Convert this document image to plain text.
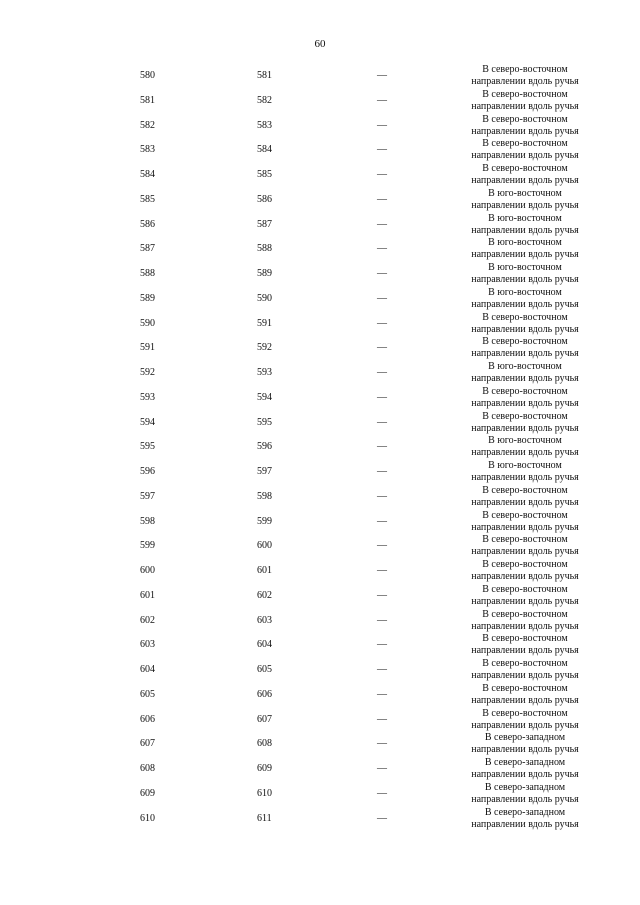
60
580	581	—
В северо-восточном
направлении вдоль ручья
581	582	—
В северо-восточном
направлении вдоль ручья
582	583	—
В северо-восточном
направлении вдоль ручья
583	584	—
В северо-восточном
направлении вдоль ручья
584	585	—
В северо-восточном
направлении вдоль ручья
585	586	—
В юго-восточном
направлении вдоль ручья
586	587	—
В юго-восточном
направлении вдоль ручья
587	588	—
В юго-восточном
направлении вдоль ручья
588	589	—
В юго-восточном
направлении вдоль ручья
589	590	—
В юго-восточном
направлении вдоль ручья
590	591	—
В северо-восточном
направлении вдоль ручья
591	592	—
В северо-восточном
направлении вдоль ручья
592	593	—
В юго-восточном
направлении вдоль ручья
593	594	—
В северо-восточном
направлении вдоль ручья
594	595	—
В северо-восточном
направлении вдоль ручья
595	596	—
В юго-восточном
направлении вдоль ручья
596	597	—
В юго-восточном
направлении вдоль ручья
597	598	—
В северо-восточном
направлении вдоль ручья
598	599	—
В северо-восточном
направлении вдоль ручья
599	600	—
В северо-восточном
направлении вдоль ручья
600	601	—
В северо-восточном
направлении вдоль ручья
601	602	—
В северо-восточном
направлении вдоль ручья
602	603	—
В северо-восточном
направлении вдоль ручья
603	604	—
В северо-восточном
направлении вдоль ручья
604	605	—
В северо-восточном
направлении вдоль ручья
605	606	—
В северо-восточном
направлении вдоль ручья
606	607	—
В северо-восточном
направлении вдоль ручья
607	608	—
В северо-западном
направлении вдоль ручья
608	609	—
В северо-западном
направлении вдоль ручья
609	610	—
В северо-западном
направлении вдоль ручья
610	611	—
В северо-западном
направлении вдоль ручья
